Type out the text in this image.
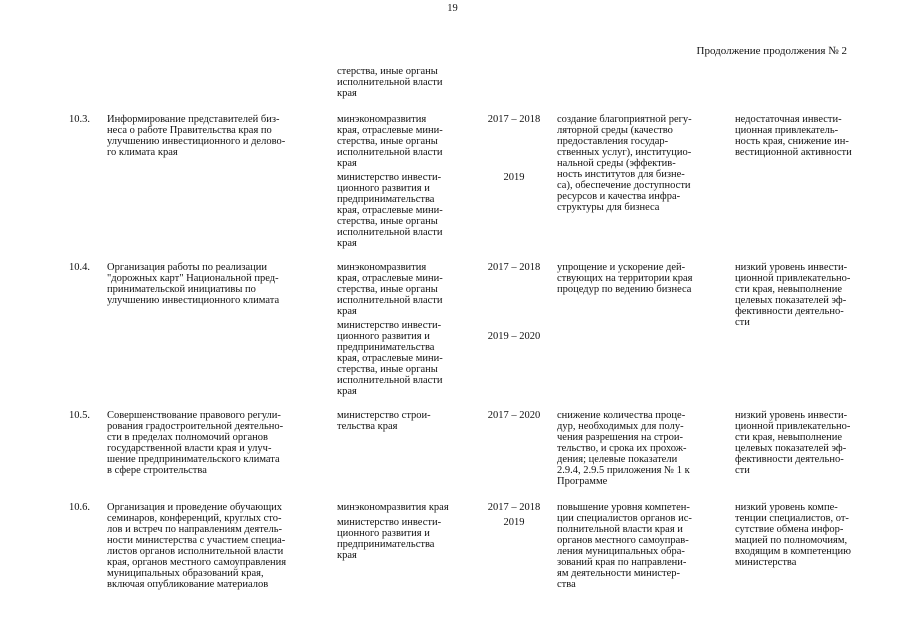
19
Продолжение продолжения № 2
стерства, иные органы
исполнительной власти
края
10.3. Информирование представителей биз-
неса о работе Правительства края по
улучшению инвестиционного и делово-
го климата края
минэкономразвития
края, отраслевые мини-
стерства, иные органы
исполнительной власти
края
министерство инвести-
ционного развития и
предпринимательства
края, отраслевые мини-
стерства, иные органы
исполнительной власти
края
2017 – 2018
2019
создание благоприятной регу-
ляторной среды (качество
предоставления государ-
ственных услуг), институцио-
нальной среды (эффектив-
ность институтов для бизне-
са), обеспечение доступности
ресурсов и качества инфра-
структуры для бизнеса
недостаточная инвести-
ционная привлекатель-
ность края, снижение ин-
вестиционной активности
10.4. Организация работы по реализации
"дорожных карт" Национальной пред-
принимательской инициативы по
улучшению инвестиционного климата
минэкономразвития
края, отраслевые мини-
стерства, иные органы
исполнительной власти
края
министерство инвести-
ционного развития и
предпринимательства
края, отраслевые мини-
стерства, иные органы
исполнительной власти
края
2017 – 2018
2019 – 2020
упрощение и ускорение дей-
ствующих на территории края
процедур по ведению бизнеса
низкий уровень инвести-
ционной привлекательно-
сти края, невыполнение
целевых показателей эф-
фективности деятельно-
сти
10.5. Совершенствование правового регули-
рования градостроительной деятельно-
сти в пределах полномочий органов
государственной власти края и улуч-
шение предпринимательского климата
в сфере строительства
министерство строи-
тельства края
2017 – 2020	снижение количества проце-
дур, необходимых для полу-
чения разрешения на строи-
тельство, и срока их прохож-
дения; целевые показатели
2.9.4, 2.9.5 приложения № 1 к
Программе
низкий уровень инвести-
ционной привлекательно-
сти края, невыполнение
целевых показателей эф-
фективности деятельно-
сти
10.6. Организация и проведение обучающих
семинаров, конференций, круглых сто-
лов и встреч по направлениям деятель-
ности министерства с участием специа-
листов органов исполнительной власти
края, органов местного самоуправления
муниципальных образований края,
включая опубликование материалов
минэкономразвития края
министерство инвести-
ционного развития и
предпринимательства
края
2017 – 2018
2019
повышение уровня компетен-
ции специалистов органов ис-
полнительной власти края и
органов местного самоуправ-
ления муниципальных обра-
зований края по направлени-
ям деятельности министер-
ства
низкий уровень компе-
тенции специалистов, от-
сутствие обмена инфор-
мацией по полномочиям,
входящим в компетенцию
министерства
